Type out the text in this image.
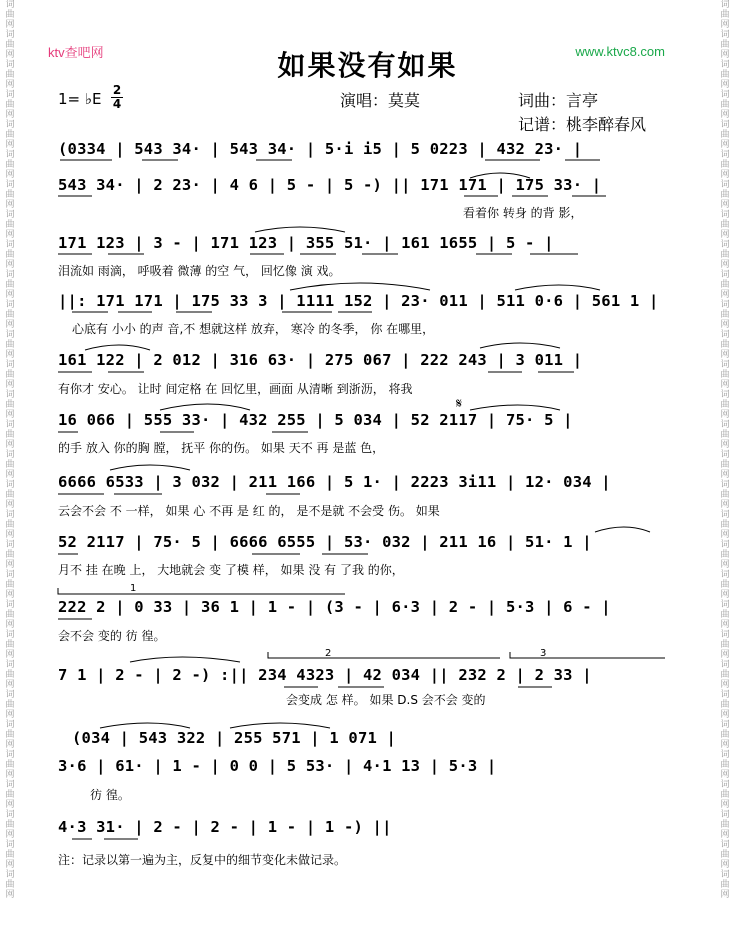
词曲网词曲网词曲网词曲网词曲网词曲网词曲网词曲网词曲网词曲网词曲网词曲网词曲网词曲网词曲网词曲网词曲网词曲网词曲网词曲网词曲网词曲网词曲网词曲网词曲网词曲网词曲网词曲网词曲网词曲网
词曲网词曲网词曲网词曲网词曲网词曲网词曲网词曲网词曲网词曲网词曲网词曲网词曲网词曲网词曲网词曲网词曲网词曲网词曲网词曲网词曲网词曲网词曲网词曲网词曲网词曲网词曲网词曲网词曲网词曲网
ktv查吧网	www.ktvc8.com
如果没有如果
1= ♭E 2
4	演唱：莫莫	词曲：言亭
记谱：桃李醉春风
(0334 | 543 34· | 543 34· | 5·i i5 | 5 0223 | 432 23· |
543 34· | 2 23· | 4 6 | 5 - | 5 -) || 171 171 | 175 33· |
看着你 转身 的背 影，
171 123 | 3 - | 171 123 | 355 51· | 161 1655 | 5 - |
泪流如 雨滴， 呼吸着 微薄 的空 气， 回忆像 演 戏。
||: 171 171 | 175 33 3 | 1111 152 | 23· 011 | 511 0·6 | 561 1 |
心底有 小小 的声 音,不 想就这样 放弃， 寒冷 的冬季， 你 在哪里，
161 122 | 2 012 | 316 63· | 275 067 | 222 243 | 3 011 |
有你才 安心。 让时 间定格 在 回忆里，画面 从清晰 到浙沥， 将我
16 066 | 555 33· | 432 255 | 5 034 | 52 2117 | 75· 5 |
的手 放入 你的胸 膛， 抚平 你的伤。 如果 天不 再 是蓝 色，
6666 6533 | 3 032 | 211 166 | 5 1· | 2223 3i11 | 12· 034 |
云会不会 不 一样， 如果 心 不再 是 红 的， 是不是就 不会受 伤。 如果
52 2117 | 75· 5 | 6666 6555 | 53· 032 | 211 16 | 51· 1 |
月不 挂 在晚 上， 大地就会 变 了模 样， 如果 没 有 了我 的你，
222 2 | 0 33 | 36 1 | 1 - | (3 - | 6·3 | 2 - | 5·3 | 6 - |
会不会 变的 彷 徨。
7 1 | 2 - | 2 -) :|| 234 4323 | 42 034 || 232 2 | 2 33 |
会变成 怎 样。 如果 D.S 会不会 变的
(034 | 543 322 | 255 571 | 1 071 |
3·6 | 61· | 1 - | 0 0 | 5 53· | 4·1 13 | 5·3 |
彷 徨。
4·3 31· | 2 - | 2 - | 1 - | 1 -) ||
1
2	3
𝄋
注：记录以第一遍为主，反复中的细节变化未做记录。
